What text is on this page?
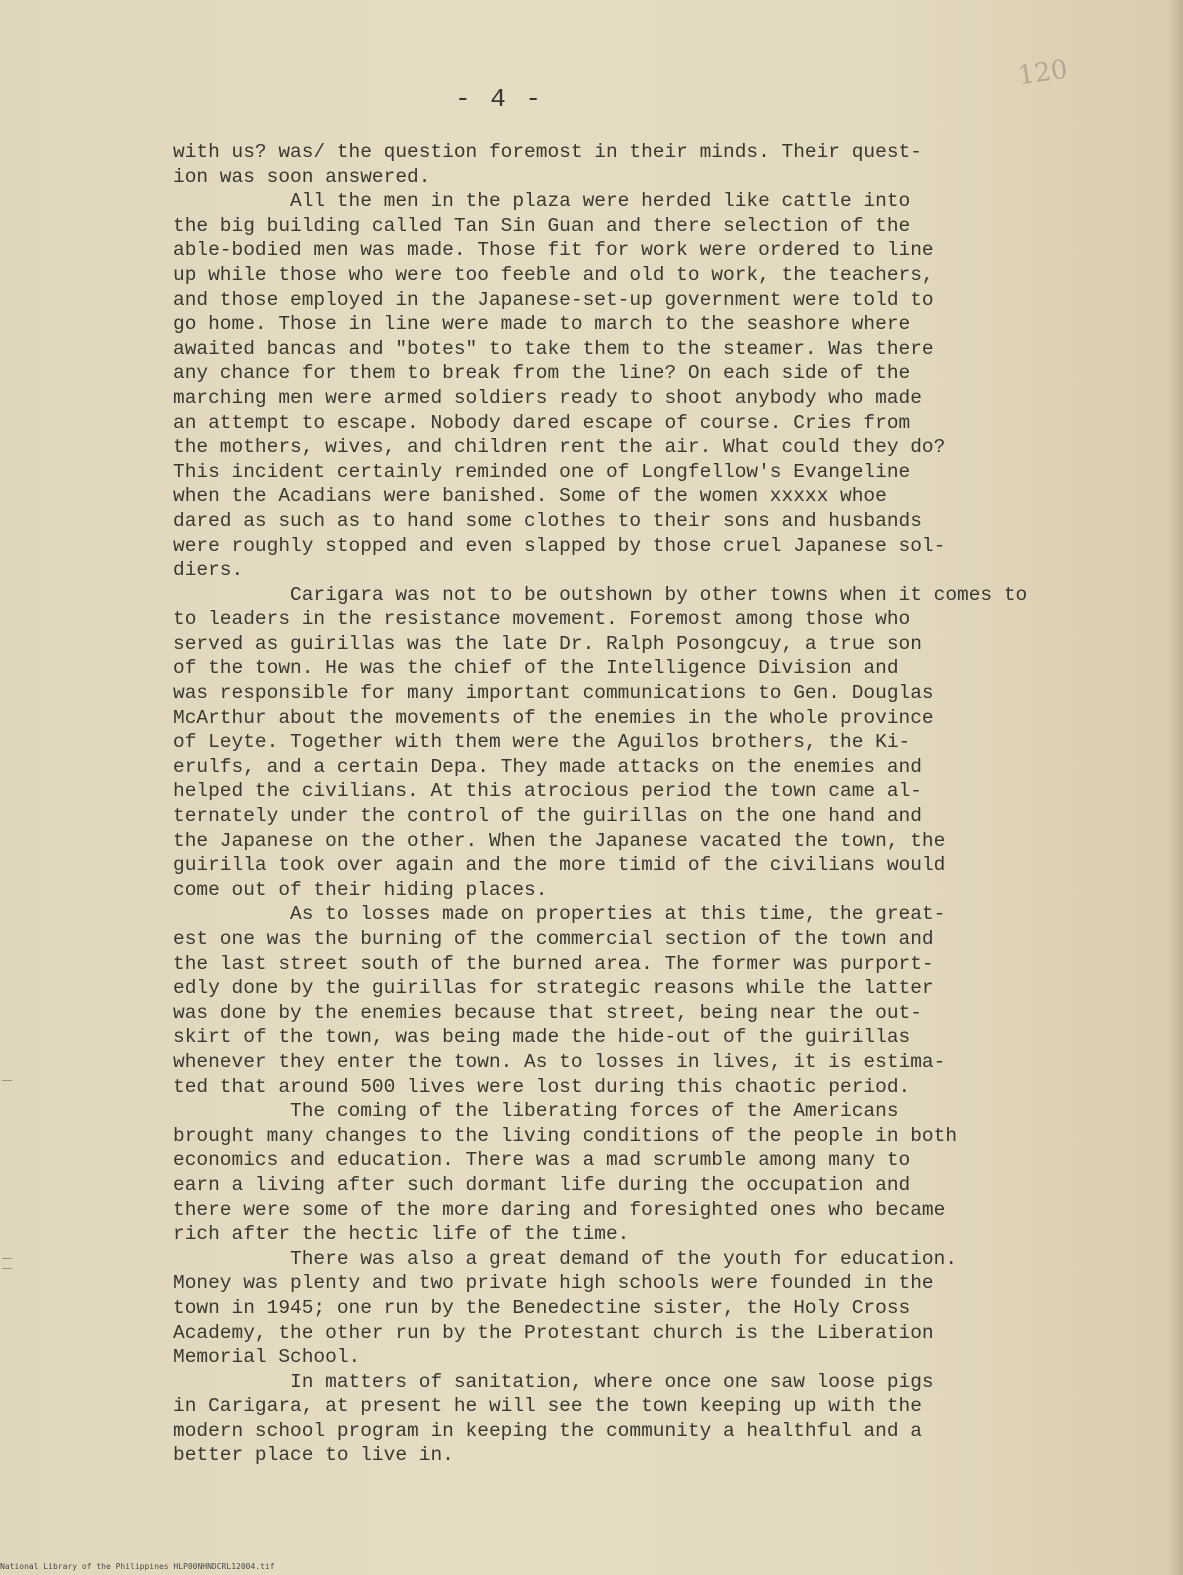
120
- 4 -
with us? was/ the question foremost in their minds. Their quest-
ion was soon answered.
All the men in the plaza were herded like cattle into
the big building called Tan Sin Guan and there selection of the
able-bodied men was made. Those fit for work were ordered to line
up while those who were too feeble and old to work, the teachers,
and those employed in the Japanese-set-up government were told to
go home. Those in line were made to march to the seashore where
awaited bancas and "botes" to take them to the steamer. Was there
any chance for them to break from the line? On each side of the
marching men were armed soldiers ready to shoot anybody who made
an attempt to escape. Nobody dared escape of course. Cries from
the mothers, wives, and children rent the air. What could they do?
This incident certainly reminded one of Longfellow's Evangeline
when the Acadians were banished. Some of the women xxxxx whoe
dared as such as to hand some clothes to their sons and husbands
were roughly stopped and even slapped by those cruel Japanese sol-
diers.
Carigara was not to be outshown by other towns when it comes to
to leaders in the resistance movement. Foremost among those who
served as guirillas was the late Dr. Ralph Posongcuy, a true son
of the town. He was the chief of the Intelligence Division and
was responsible for many important communications to Gen. Douglas
McArthur about the movements of the enemies in the whole province
of Leyte. Together with them were the Aguilos brothers, the Ki-
erulfs, and a certain Depa. They made attacks on the enemies and
helped the civilians. At this atrocious period the town came al-
ternately under the control of the guirillas on the one hand and
the Japanese on the other. When the Japanese vacated the town, the
guirilla took over again and the more timid of the civilians would
come out of their hiding places.
As to losses made on properties at this time, the great-
est one was the burning of the commercial section of the town and
the last street south of the burned area. The former was purport-
edly done by the guirillas for strategic reasons while the latter
was done by the enemies because that street, being near the out-
skirt of the town, was being made the hide-out of the guirillas
whenever they enter the town. As to losses in lives, it is estima-
ted that around 500 lives were lost during this chaotic period.
The coming of the liberating forces of the Americans
brought many changes to the living conditions of the people in both
economics and education. There was a mad scrumble among many to
earn a living after such dormant life during the occupation and
there were some of the more daring and foresighted ones who became
rich after the hectic life of the time.
There was also a great demand of the youth for education.
Money was plenty and two private high schools were founded in the
town in 1945; one run by the Benedectine sister, the Holy Cross
Academy, the other run by the Protestant church is the Liberation
Memorial School.
In matters of sanitation, where once one saw loose pigs
in Carigara, at present he will see the town keeping up with the
modern school program in keeping the community a healthful and a
better place to live in.
National Library of the Philippines HLP00NHNDCRL12004.tif
